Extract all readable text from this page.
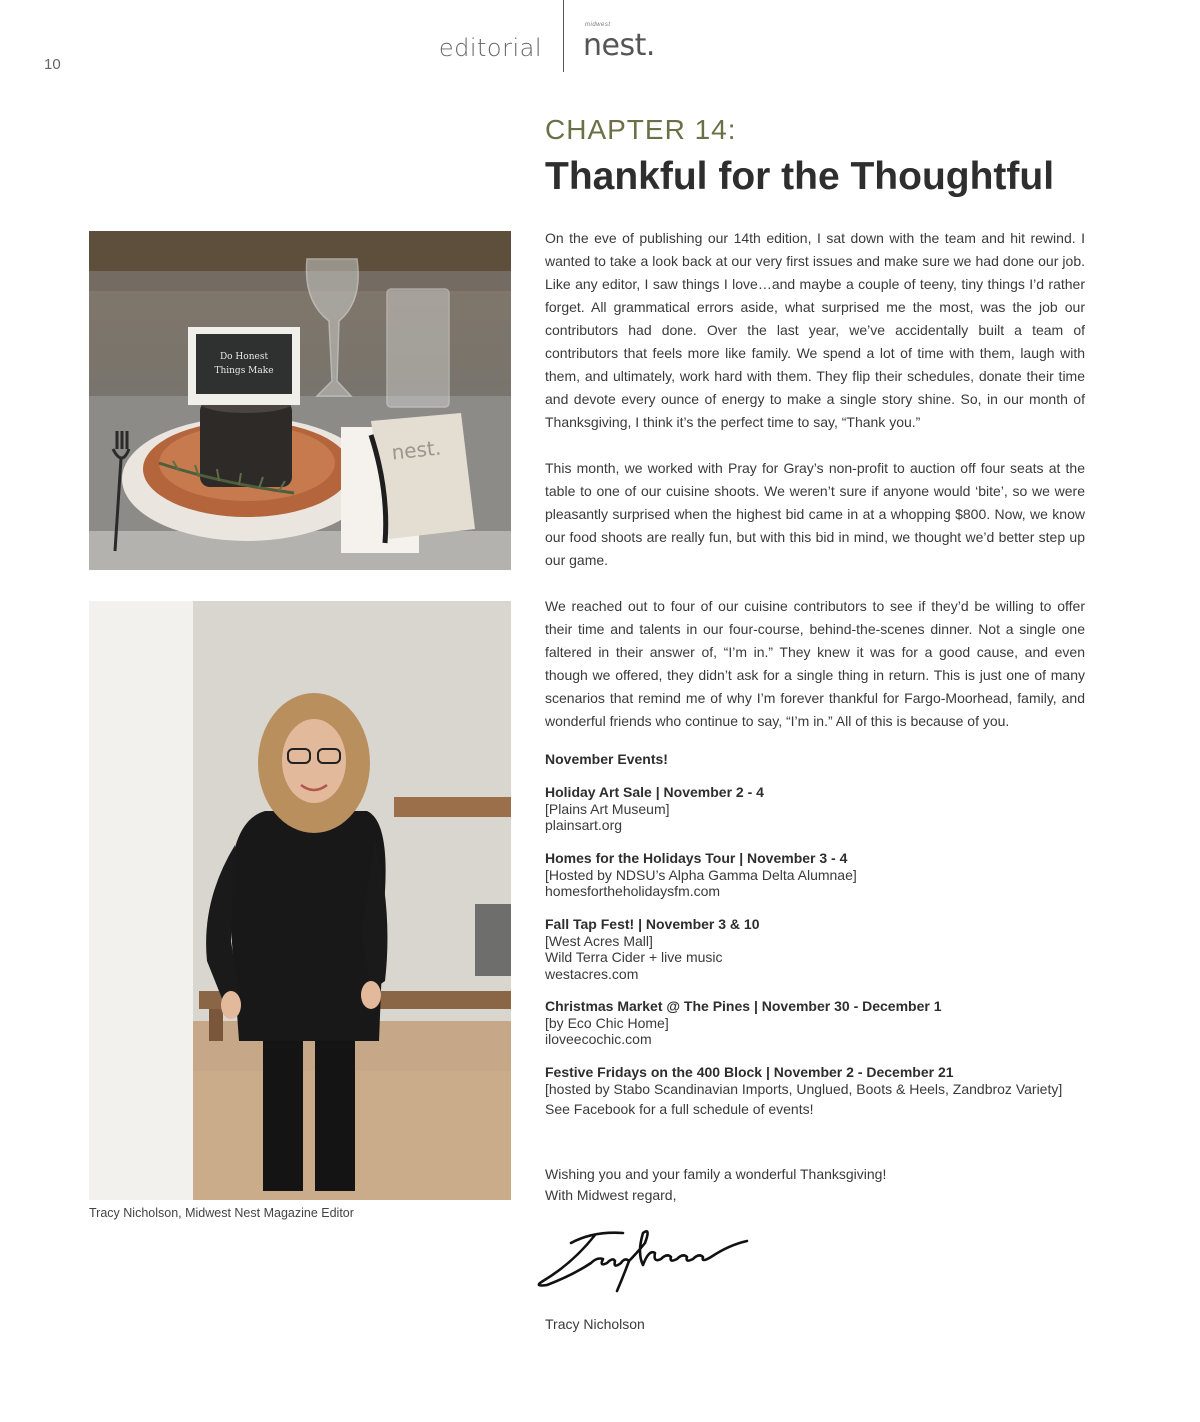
10
editorial
midwest
nest.
Do Honest
Things Make
nest.
Tracy Nicholson, Midwest Nest Magazine Editor
CHAPTER 14:
Thankful for the Thoughtful

On the eve of publishing our 14th edition, I sat down with the team and hit rewind. I wanted to take a look back at our very first issues and make sure we had done our job. Like any editor, I saw things I love…and maybe a couple of teeny, tiny things I’d rather forget. All grammatical errors aside, what surprised me the most, was the job our contributors had done. Over the last year, we’ve accidentally built a team of contributors that feels more like family. We spend a lot of time with them, laugh with them, and ultimately, work hard with them. They flip their schedules, donate their time and devote every ounce of energy to make a single story shine. So, in our month of Thanksgiving, I think it’s the perfect time to say, “Thank you.”

This month, we worked with Pray for Gray’s non-profit to auction off four seats at the table to one of our cuisine shoots. We weren’t sure if anyone would ‘bite’, so we were pleasantly surprised when the highest bid came in at a whopping $800. Now, we know our food shoots are really fun, but with this bid in mind, we thought we’d better step up our game.

We reached out to four of our cuisine contributors to see if they’d be willing to offer their time and talents in our four-course, behind-the-scenes dinner. Not a single one faltered in their answer of, “I’m in.” They knew it was for a good cause, and even though we offered, they didn’t ask for a single thing in return. This is just one of many scenarios that remind me of why I’m forever thankful for Fargo-Moorhead, family, and wonderful friends who continue to say, “I’m in.” All of this is because of you.

November Events!
Holiday Art Sale | November 2 - 4
[Plains Art Museum]
plainsart.org
Homes for the Holidays Tour | November 3 - 4
[Hosted by NDSU’s Alpha Gamma Delta Alumnae]
homesfortheholidaysfm.com
Fall Tap Fest! | November 3 & 10
[West Acres Mall]
Wild Terra Cider + live music
westacres.com
Christmas Market @ The Pines | November 30 - December 1
[by Eco Chic Home]
iloveecochic.com
Festive Fridays on the 400 Block | November 2 - December 21
[hosted by Stabo Scandinavian Imports, Unglued, Boots & Heels, Zandbroz Variety]
See Facebook for a full schedule of events!
Wishing you and your family a wonderful Thanksgiving!
With Midwest regard,
Tracy Nicholson
